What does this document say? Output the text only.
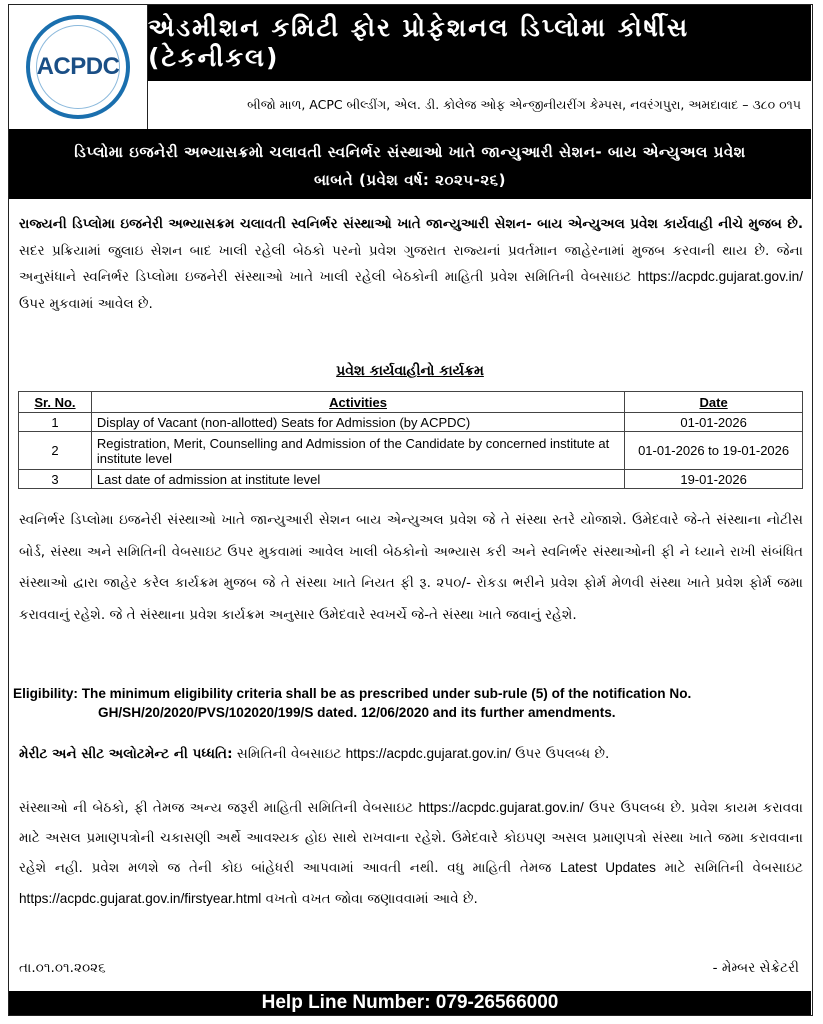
ACPDC
એડમીશન કમિટી ફોર પ્રોફેશનલ ડિપ્લોમા કોર્ષીસ (ટેકનીકલ)
બીજો માળ, ACPC બીલ્ડીંગ, એલ. ડી. કોલેજ ઓફ એન્જીનીયરીંગ કેમ્પસ, નવરંગપુરા, અમદાવાદ – ૩૮૦ ૦૧૫
ડિપ્લોમા ઇજનેરી અભ્યાસક્રમો ચલાવતી સ્વનિર્ભર સંસ્થાઓ ખાતે જાન્યુઆરી સેશન- બાય એન્યુઅલ પ્રવેશ
બાબતે (પ્રવેશ વર્ષ: ૨૦૨૫-૨૬)
રાજ્યની ડિપ્લોમા ઇજનેરી અભ્યાસક્રમ ચલાવતી સ્વનિર્ભર સંસ્થાઓ ખાતે જાન્યુઆરી સેશન- બાય એન્યુઅલ પ્રવેશ કાર્યવાહી નીચે મુજબ છે. સદર પ્રક્રિયામાં જુલાઇ સેશન બાદ ખાલી રહેલી બેઠકો પરનો પ્રવેશ ગુજરાત રાજ્યનાં પ્રવર્તમાન જાહેરનામાં મુજબ કરવાની થાય છે. જેના અનુસંધાને સ્વનિર્ભર ડિપ્લોમા ઇજનેરી સંસ્થાઓ ખાતે ખાલી રહેલી બેઠકોની માહિતી પ્રવેશ સમિતિની વેબસાઇટ https://acpdc.gujarat.gov.in/ ઉપર મુકવામાં આવેલ છે.
પ્રવેશ કાર્યવાહીનો કાર્યક્રમ
Sr. No.	Activities	Date
1	Display of Vacant (non-allotted) Seats for Admission (by ACPDC)	01-01-2026
2	Registration, Merit, Counselling and Admission of the Candidate by concerned institute at institute level	01-01-2026 to 19-01-2026
3	Last date of admission at institute level	19-01-2026
સ્વનિર્ભર ડિપ્લોમા ઇજનેરી સંસ્થાઓ ખાતે જાન્યુઆરી સેશન બાય એન્યુઅલ પ્રવેશ જે તે સંસ્થા સ્તરે યોજાશે. ઉમેદવારે જે-તે સંસ્થાના નોટીસ બોર્ડ, સંસ્થા અને સમિતિની વેબસાઇટ ઉપર મુકવામાં આવેલ ખાલી બેઠકોનો અભ્યાસ કરી અને સ્વનિર્ભર સંસ્થાઓની ફી ને ધ્યાને રાખી સંબંધિત સંસ્થાઓ દ્વારા જાહેર કરેલ કાર્યક્રમ મુજબ જે તે સંસ્થા ખાતે નિયત ફી રૂ. ૨૫૦/- રોકડા ભરીને પ્રવેશ ફોર્મ મેળવી સંસ્થા ખાતે પ્રવેશ ફોર્મ જમા કરાવવાનું રહેશે. જે તે સંસ્થાના પ્રવેશ કાર્યક્રમ અનુસાર ઉમેદવારે સ્વખર્ચે જે-તે સંસ્થા ખાતે જવાનું રહેશે.
Eligibility: The minimum eligibility criteria shall be as prescribed under sub-rule (5) of the notification No.
GH/SH/20/2020/PVS/102020/199/S dated. 12/06/2020 and its further amendments.
મેરીટ અને સીટ અલોટમેન્ટ ની પધ્ધતિ: સમિતિની વેબસાઇટ https://acpdc.gujarat.gov.in/ ઉપર ઉપલબ્ધ છે.
સંસ્થાઓ ની બેઠકો, ફી તેમજ અન્ય જરૂરી માહિતી સમિતિની વેબસાઇટ https://acpdc.gujarat.gov.in/ ઉપર ઉપલબ્ધ છે. પ્રવેશ કાયમ કરાવવા માટે અસલ પ્રમાણપત્રોની ચકાસણી અર્થે આવશ્યક હોઇ સાથે રાખવાના રહેશે. ઉમેદવારે કોઇપણ અસલ પ્રમાણપત્રો સંસ્થા ખાતે જમા કરાવવાના રહેશે નહી. પ્રવેશ મળશે જ તેની કોઇ બાંહેધરી આપવામાં આવતી નથી. વધુ માહિતી તેમજ Latest Updates માટે સમિતિની વેબસાઇટ https://acpdc.gujarat.gov.in/firstyear.html વખતો વખત જોવા જણાવવામાં આવે છે.
તા.૦૧.૦૧.૨૦૨૬	- મેમ્બર સેક્રેટરી
Help Line Number: 079-26566000
